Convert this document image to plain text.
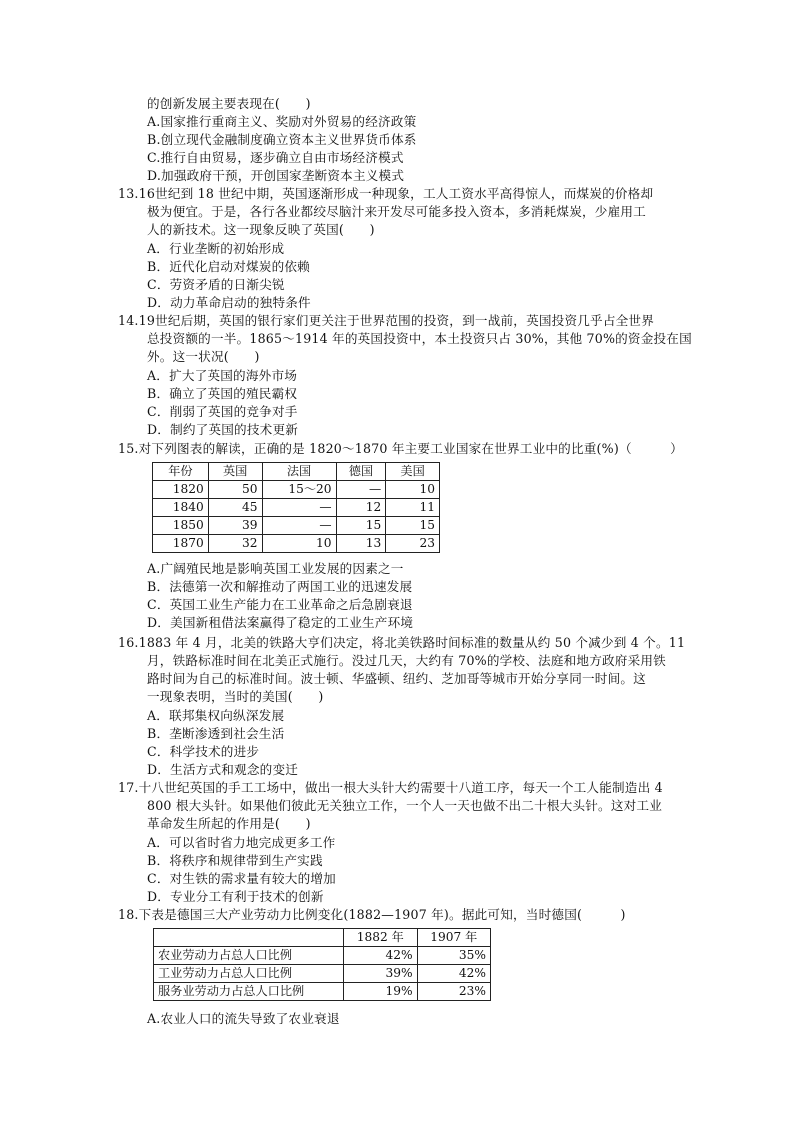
的创新发展主要表现在(　　)
A.国家推行重商主义、奖励对外贸易的经济政策
B.创立现代金融制度确立资本主义世界货币体系
C.推行自由贸易，逐步确立自由市场经济模式
D.加强政府干预，开创国家垄断资本主义模式
13.16世纪到 18 世纪中期，英国逐渐形成一种现象，工人工资水平高得惊人，而煤炭的价格却
极为便宜。于是，各行各业都绞尽脑汁来开发尽可能多投入资本，多消耗煤炭，少雇用工
人的新技术。这一现象反映了英国(　　)
A．行业垄断的初始形成
B．近代化启动对煤炭的依赖
C．劳资矛盾的日渐尖锐
D．动力革命启动的独特条件
14.19世纪后期，英国的银行家们更关注于世界范围的投资，到一战前，英国投资几乎占全世界
总投资额的一半。1865～1914 年的英国投资中，本土投资只占 30%，其他 70%的资金投在国
外。这一状况(　　)
A．扩大了英国的海外市场
B．确立了英国的殖民霸权
C．削弱了英国的竞争对手
D．制约了英国的技术更新
15.对下列图表的解读，正确的是 1820～1870 年主要工业国家在世界工业中的比重(%)（　　　）
年份	英国	法国	德国	美国
1820	50	15～20	—	10
1840	45	—	12	11
1850	39	—	15	15
1870	32	10	13	23
A.广阔殖民地是影响英国工业发展的因素之一
B．法德第一次和解推动了两国工业的迅速发展
C．英国工业生产能力在工业革命之后急剧衰退
D．美国新租借法案赢得了稳定的工业生产环境
16.1883 年 4 月，北美的铁路大亨们决定，将北美铁路时间标准的数量从约 50 个减少到 4 个。11
月，铁路标准时间在北美正式施行。没过几天，大约有 70%的学校、法庭和地方政府采用铁
路时间为自己的标准时间。波士顿、华盛顿、纽约、芝加哥等城市开始分享同一时间。这
一现象表明，当时的美国(　　)
A．联邦集权向纵深发展
B．垄断渗透到社会生活
C．科学技术的进步
D．生活方式和观念的变迁
17.十八世纪英国的手工工场中，做出一根大头针大约需要十八道工序，每天一个工人能制造出 4
800 根大头针。如果他们彼此无关独立工作，一个人一天也做不出二十根大头针。这对工业
革命发生所起的作用是(　　)
A．可以省时省力地完成更多工作
B．将秩序和规律带到生产实践
C．对生铁的需求量有较大的增加
D．专业分工有利于技术的创新
18.下表是德国三大产业劳动力比例变化(1882—1907 年)。据此可知，当时德国(　　　)
	1882 年	1907 年
农业劳动力占总人口比例	42%	35%
工业劳动力占总人口比例	39%	42%
服务业劳动力占总人口比例	19%	23%
A.农业人口的流失导致了农业衰退
